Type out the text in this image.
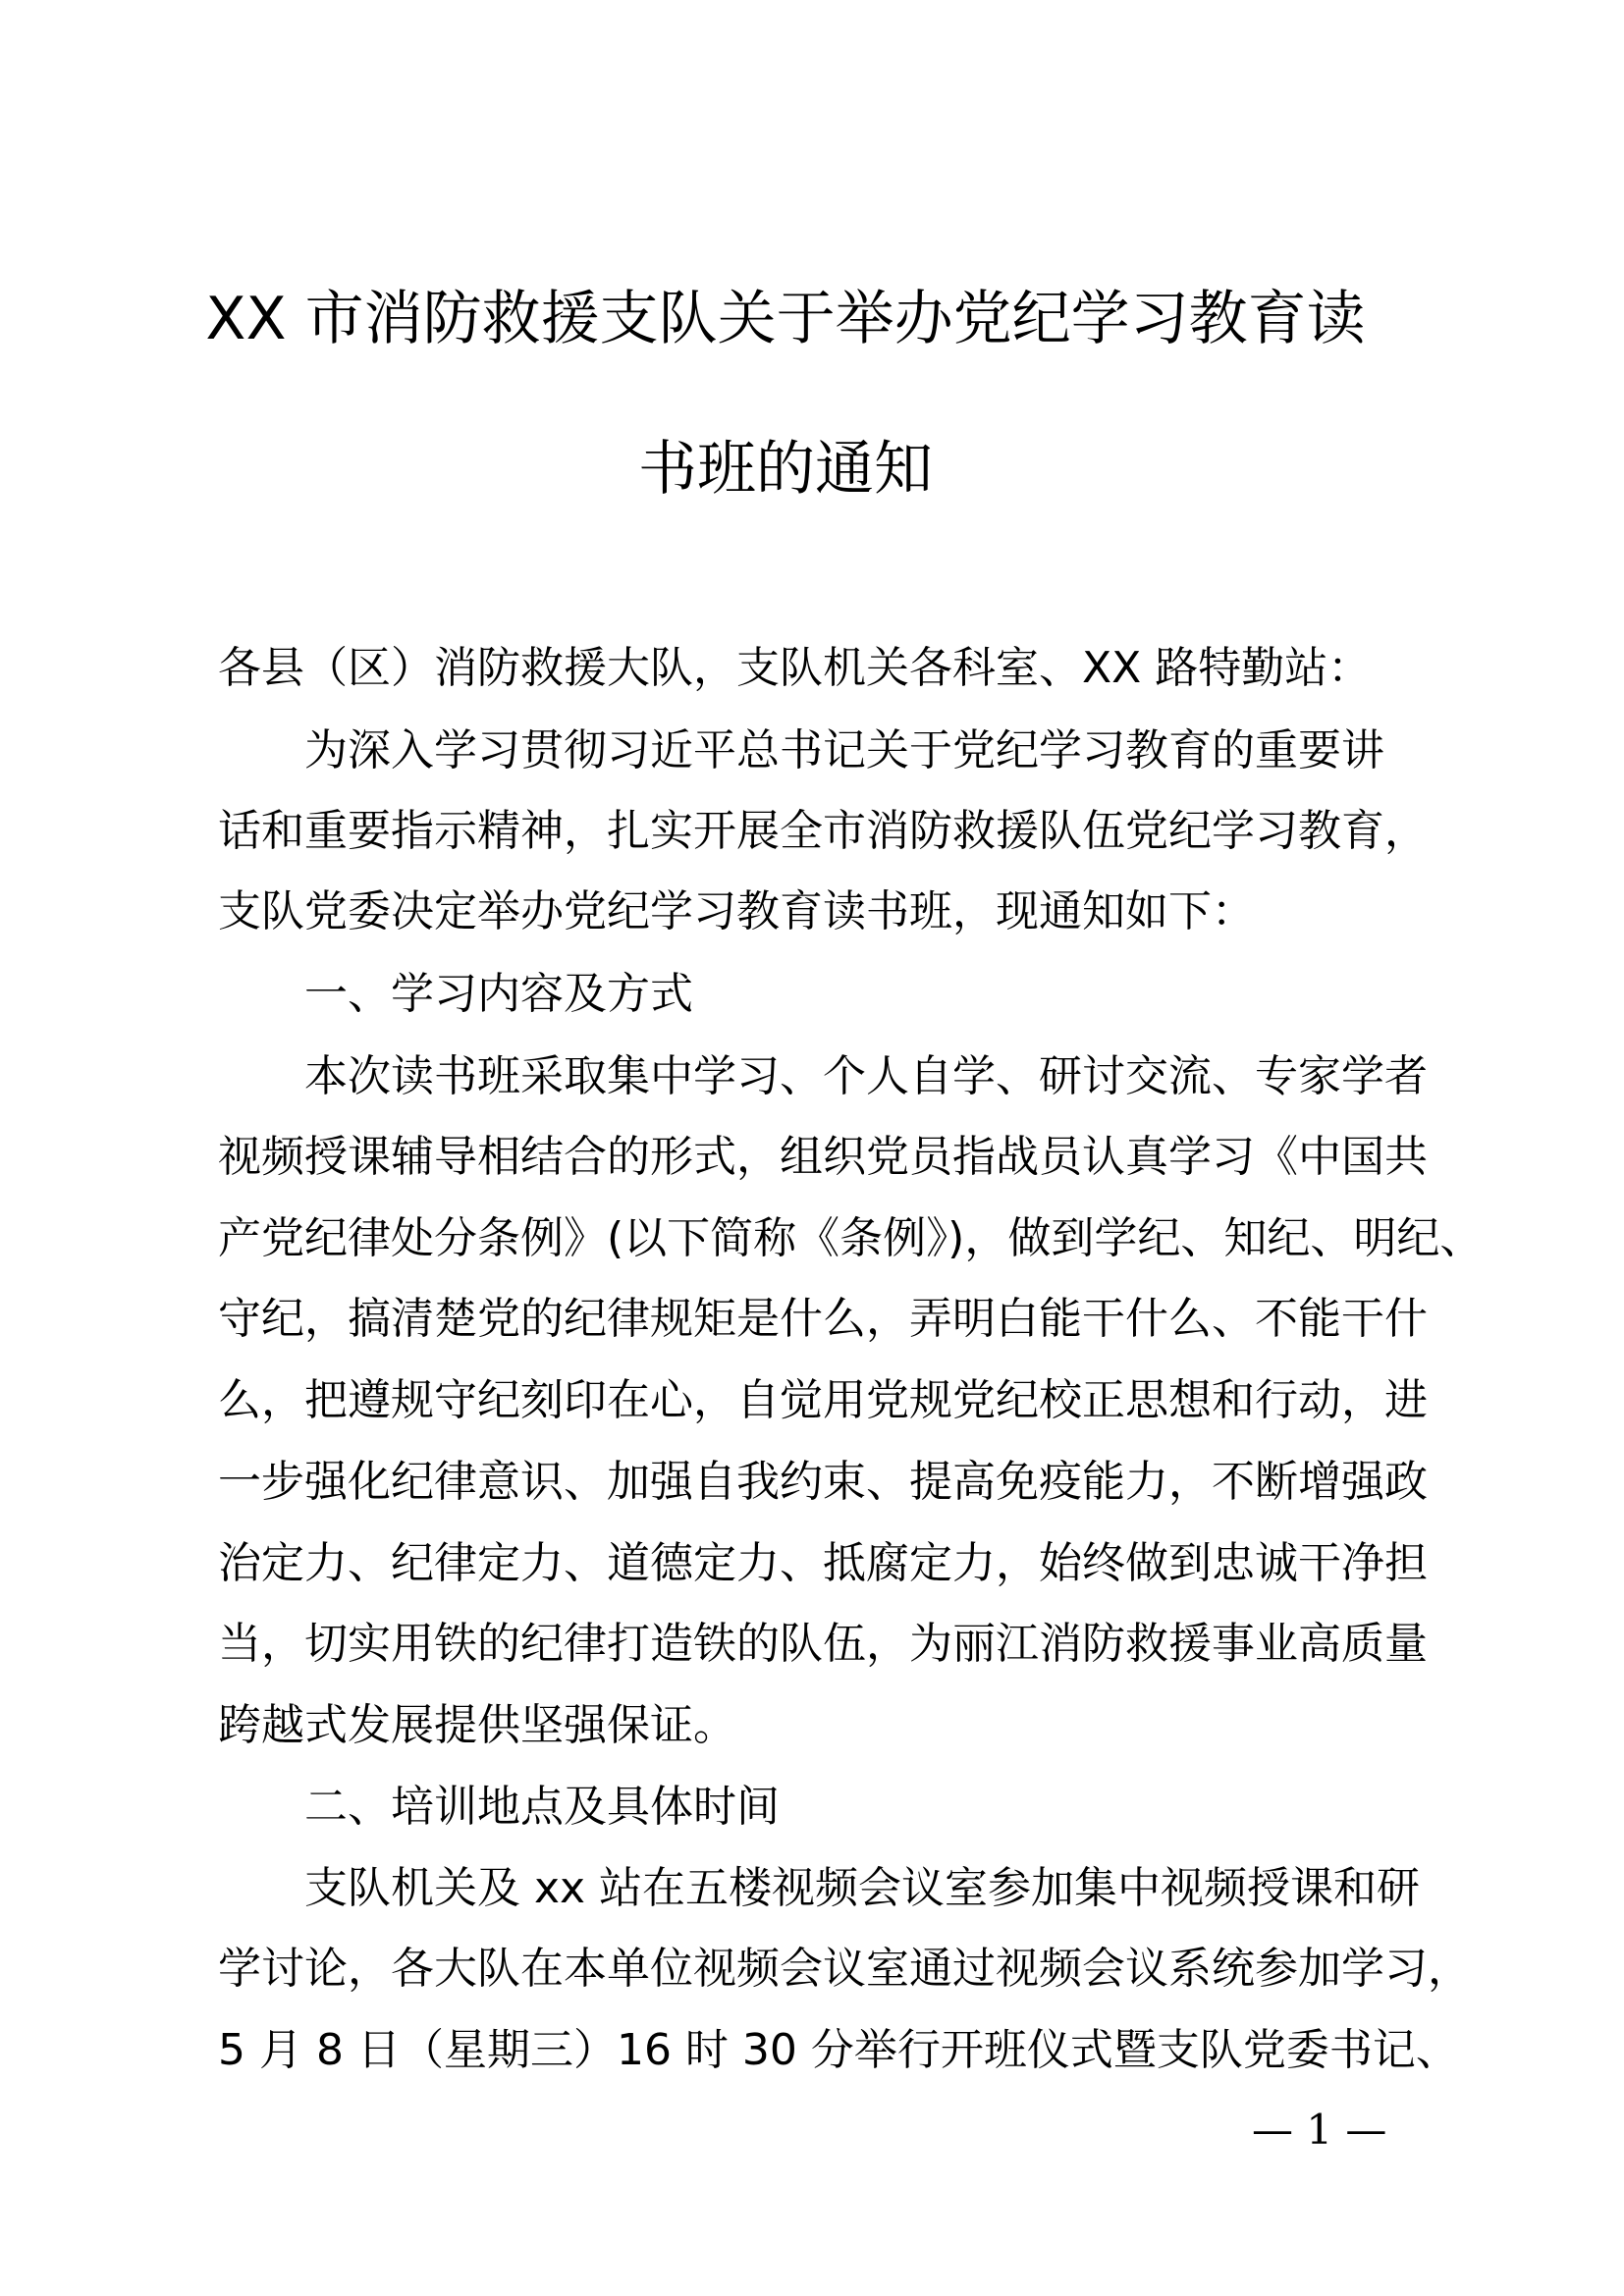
XX 市消防救援支队关于举办党纪学习教育读
书班的通知
各县（区）消防救援大队，支队机关各科室、XX 路特勤站：
为深入学习贯彻习近平总书记关于党纪学习教育的重要讲
话和重要指示精神，扎实开展全市消防救援队伍党纪学习教育，
支队党委决定举办党纪学习教育读书班，现通知如下：
一、学习内容及方式
本次读书班采取集中学习、个人自学、研讨交流、专家学者
视频授课辅导相结合的形式，组织党员指战员认真学习《中国共
产党纪律处分条例》(以下简称《条例》)，做到学纪、知纪、明纪、
守纪，搞清楚党的纪律规矩是什么，弄明白能干什么、不能干什
么，把遵规守纪刻印在心，自觉用党规党纪校正思想和行动，进
一步强化纪律意识、加强自我约束、提高免疫能力，不断增强政
治定力、纪律定力、道德定力、抵腐定力，始终做到忠诚干净担
当，切实用铁的纪律打造铁的队伍，为丽江消防救援事业高质量
跨越式发展提供坚强保证。
二、培训地点及具体时间
支队机关及 xx 站在五楼视频会议室参加集中视频授课和研
学讨论，各大队在本单位视频会议室通过视频会议系统参加学习，
5 月 8 日（星期三）16 时 30 分举行开班仪式暨支队党委书记、
— 1 —
